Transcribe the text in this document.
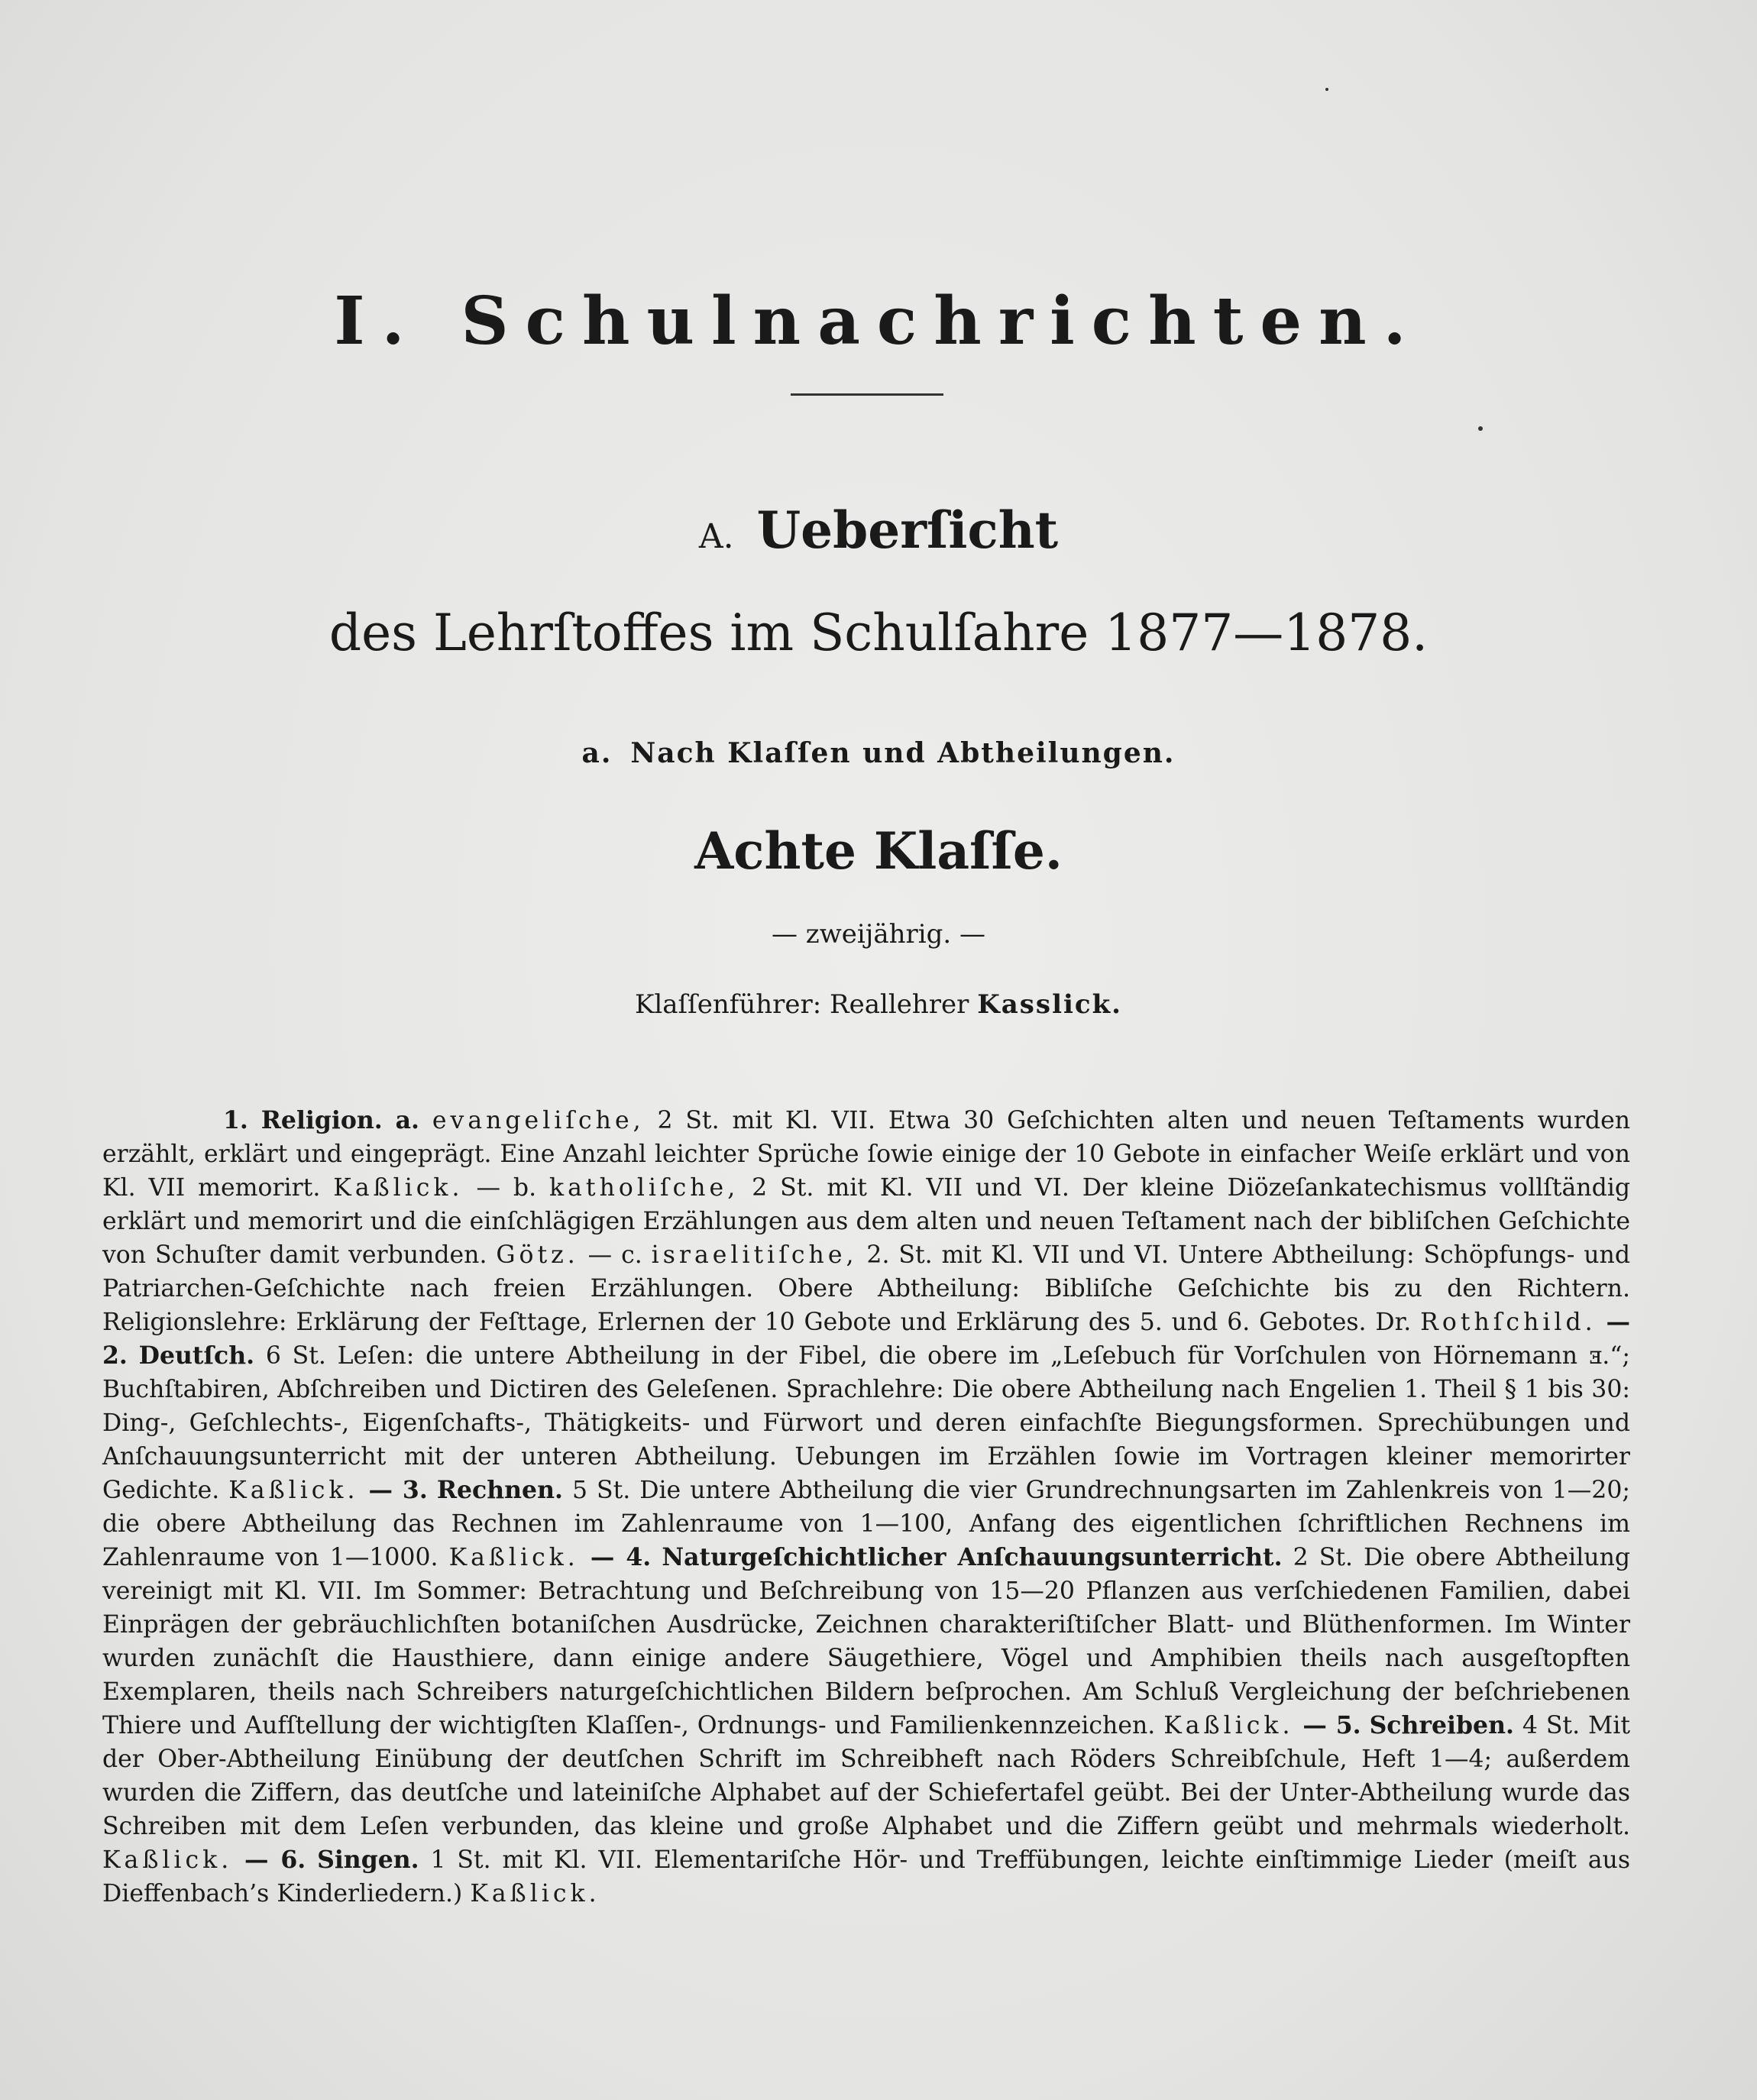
I. Schulnachrichten.
A. Ueberſicht
des Lehrſtoffes im Schulſahre 1877—1878.
a. Nach Klaſſen und Abtheilungen.
Achte Klaſſe.
— zweijährig. —
Klaſſenführer: Reallehrer Kasslick.
1. Religion. a. evangeliſche, 2 St. mit Kl. VII. Etwa 30 Geſchichten alten und neuen Teſtaments wurden erzählt, erklärt und eingeprägt. Eine Anzahl leichter Sprüche ſowie einige der 10 Gebote in einfacher Weiſe erklärt und von Kl. VII memorirt. Kaßlick. — b. katholiſche, 2 St. mit Kl. VII und VI. Der kleine Diözeſankatechismus vollſtändig erklärt und memorirt und die einſchlägigen Erzählungen aus dem alten und neuen Teſtament nach der bibliſchen Geſchichte von Schuſter damit verbunden. Götz. — c. israelitiſche, 2. St. mit Kl. VII und VI. Untere Abtheilung: Schöpfungs- und Patriarchen-Geſchichte nach freien Erzählungen. Obere Abtheilung: Bibliſche Geſchichte bis zu den Richtern. Religionslehre: Erklärung der Feſttage, Erlernen der 10 Gebote und Erklärung des 5. und 6. Gebotes. Dr. Rothſchild. — 2. Deutſch. 6 St. Leſen: die untere Abtheilung in der Fibel, die obere im „Leſebuch für Vorſchulen von Hörnemann ⱻ.“; Buchſtabiren, Abſchreiben und Dictiren des Geleſenen. Sprachlehre: Die obere Abtheilung nach Engelien 1. Theil § 1 bis 30: Ding-, Geſchlechts-, Eigenſchafts-, Thätigkeits- und Fürwort und deren einfachſte Biegungsformen. Sprechübungen und Anſchauungsunterricht mit der unteren Abtheilung. Uebungen im Erzählen ſowie im Vortragen kleiner memorirter Gedichte. Kaßlick. — 3. Rechnen. 5 St. Die untere Abtheilung die vier Grundrechnungsarten im Zahlenkreis von 1—20; die obere Abtheilung das Rechnen im Zahlenraume von 1—100, Anfang des eigentlichen ſchriftlichen Rechnens im Zahlenraume von 1—1000. Kaßlick. — 4. Naturgeſchichtlicher Anſchauungsunterricht. 2 St. Die obere Abtheilung vereinigt mit Kl. VII. Im Sommer: Betrachtung und Beſchreibung von 15—20 Pflanzen aus verſchiedenen Familien, dabei Einprägen der gebräuchlichſten botaniſchen Ausdrücke, Zeichnen charakteriſtiſcher Blatt- und Blüthenformen. Im Winter wurden zunächſt die Hausthiere, dann einige andere Säugethiere, Vögel und Amphibien theils nach ausgeſtopften Exemplaren, theils nach Schreibers naturgeſchichtlichen Bildern beſprochen. Am Schluß Vergleichung der beſchriebenen Thiere und Aufſtellung der wichtigſten Klaſſen-, Ordnungs- und Familienkennzeichen. Kaßlick. — 5. Schreiben. 4 St. Mit der Ober-Abtheilung Einübung der deutſchen Schrift im Schreibheft nach Röders Schreibſchule, Heft 1—4; außerdem wurden die Ziffern, das deutſche und lateiniſche Alphabet auf der Schiefertafel geübt. Bei der Unter-Abtheilung wurde das Schreiben mit dem Leſen verbunden, das kleine und große Alphabet und die Ziffern geübt und mehrmals wiederholt. Kaßlick. — 6. Singen. 1 St. mit Kl. VII. Elementariſche Hör- und Treffübungen, leichte einſtimmige Lieder (meiſt aus Dieffenbach’s Kinderliedern.) Kaßlick.
